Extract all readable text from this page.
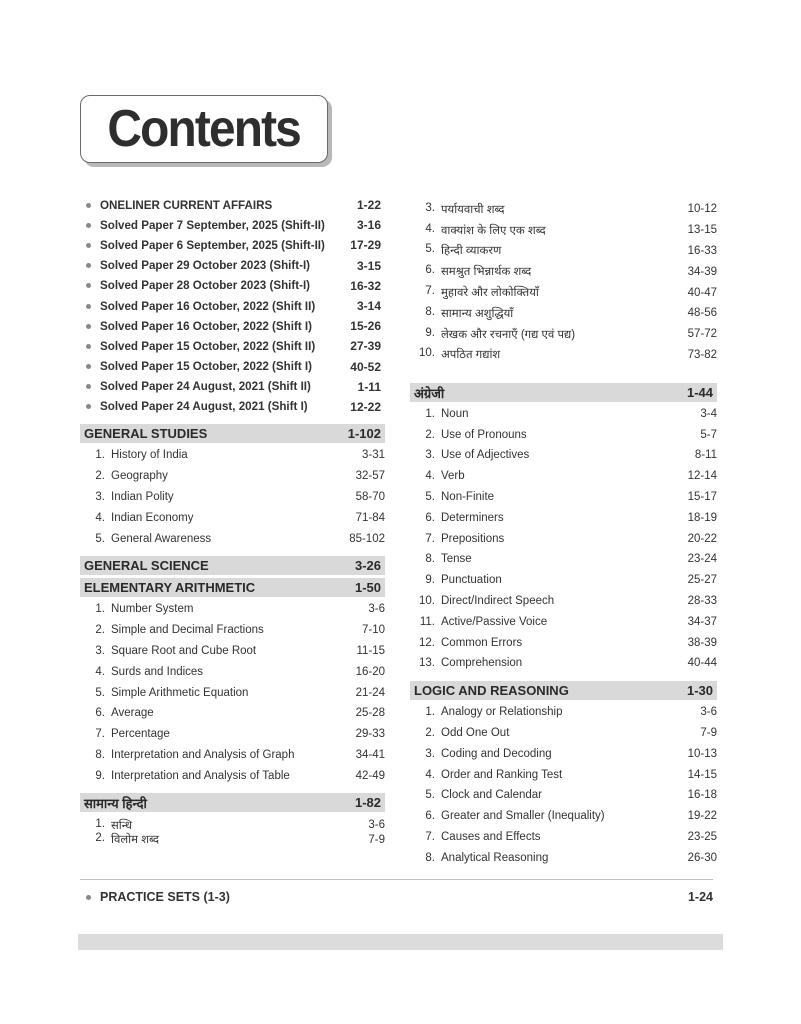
Contents
ONELINER CURRENT AFFAIRS	1-22
Solved Paper 7 September, 2025 (Shift-II)	3-16
Solved Paper 6 September, 2025 (Shift-II) 17-29
Solved Paper 29 October 2023 (Shift-I)	3-15
Solved Paper 28 October 2023 (Shift-I)	16-32
Solved Paper 16 October, 2022 (Shift II)	3-14
Solved Paper 16 October, 2022 (Shift I)	15-26
Solved Paper 15 October, 2022 (Shift II)	27-39
Solved Paper 15 October, 2022 (Shift I)	40-52
Solved Paper 24 August, 2021 (Shift II)	1-11
Solved Paper 24 August, 2021 (Shift I)	12-22
GENERAL STUDIES	1-102
1. History of India	3-31
2. Geography	32-57
3. Indian Polity	58-70
4. Indian Economy	71-84
5. General Awareness	85-102
GENERAL SCIENCE	3-26
ELEMENTARY ARITHMETIC	1-50
1. Number System	3-6
2. Simple and Decimal Fractions	7-10
3. Square Root and Cube Root	11-15
4. Surds and Indices	16-20
5. Simple Arithmetic Equation	21-24
6. Average	25-28
7. Percentage	29-33
8. Interpretation and Analysis of Graph	34-41
9. Interpretation and Analysis of Table	42-49
सामान्य हिन्दी	1-82
1. सन्धि	3-6
2. विलोम शब्द	7-9
3. पर्यायवाची शब्द	10-12
4. वाक्यांश के लिए एक शब्द	13-15
5. हिन्दी व्याकरण	16-33
6. समश्रुत भिन्नार्थक शब्द	34-39
7. मुहावरे और लोकोक्तियाँ	40-47
8. सामान्य अशुद्धियाँ	48-56
9. लेखक और रचनाएँ (गद्य एवं पद्य)	57-72
10. अपठित गद्यांश	73-82
अंग्रेजी	1-44
1. Noun	3-4
2. Use of Pronouns	5-7
3. Use of Adjectives	8-11
4. Verb	12-14
5. Non-Finite	15-17
6. Determiners	18-19
7. Prepositions	20-22
8. Tense	23-24
9. Punctuation	25-27
10. Direct/Indirect Speech	28-33
11. Active/Passive Voice	34-37
12. Common Errors	38-39
13. Comprehension	40-44
LOGIC AND REASONING	1-30
1. Analogy or Relationship	3-6
2. Odd One Out	7-9
3. Coding and Decoding	10-13
4. Order and Ranking Test	14-15
5. Clock and Calendar	16-18
6. Greater and Smaller (Inequality)	19-22
7. Causes and Effects	23-25
8. Analytical Reasoning	26-30
PRACTICE SETS (1-3)	1-24
